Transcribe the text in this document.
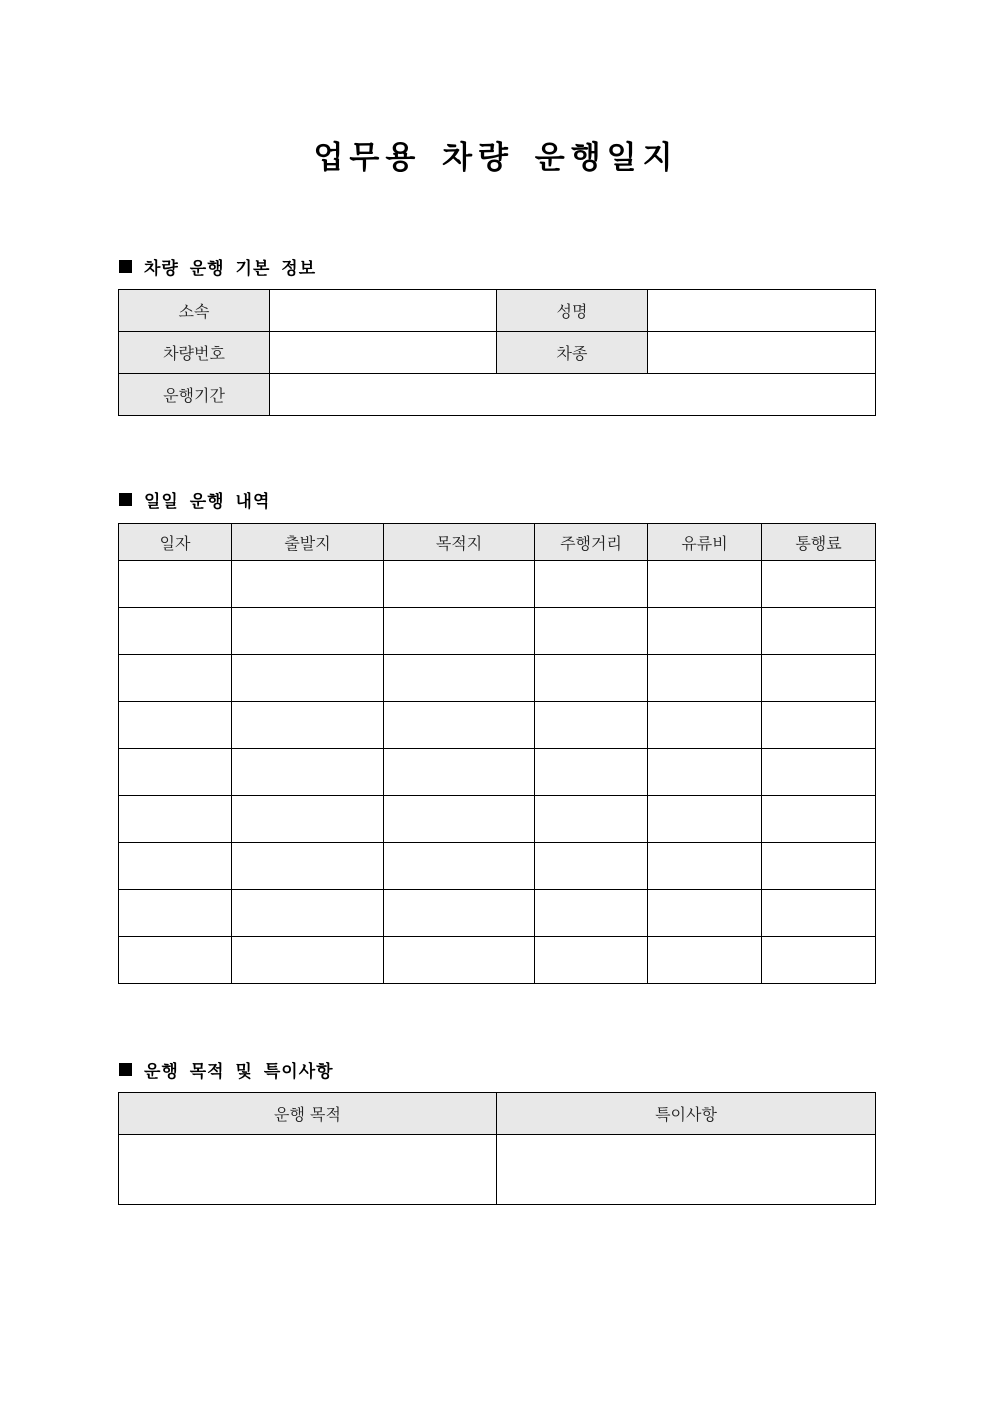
업무용 차량 운행일지
차량 운행 기본 정보
소속		성명	
차량번호		차종	
운행기간			
일일 운행 내역
일자	출발지	목적지	주행거리	유류비	통행료

운행 목적 및 특이사항
운행 목적	특이사항
